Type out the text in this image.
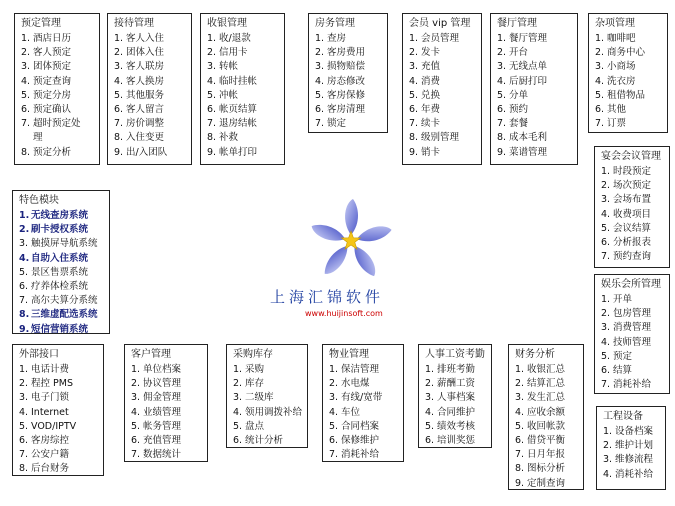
预定管理
1. 酒店日历
2. 客人预定
3. 团体预定
4. 预定查询
5. 预定分房
6. 预定确认
7. 超时预定处理
8. 预定分析
接待管理
1. 客人入住
2. 团体入住
3. 客人联房
4. 客人换房
5. 其他服务
6. 客人留言
7. 房价调整
8. 入住变更
9. 出/入团队
收银管理
1. 收/退款
2. 信用卡
3. 转帐
4. 临时挂帐
5. 冲帐
6. 帐页结算
7. 退房结帐
8. 补救
9. 帐单打印
房务管理
1. 查房
2. 客房费用
3. 损物赔偿
4. 房态修改
5. 客房保修
6. 客房清理
7. 锁定
会员 vip 管理
1. 会员管理
2. 发卡
3. 充值
4. 消费
5. 兑换
6. 年费
7. 续卡
8. 级别管理
9. 销卡
餐厅管理
1. 餐厅管理
2. 开台
3. 无线点单
4. 后厨打印
5. 分单
6. 预约
7. 套餐
8. 成本毛利
9. 菜谱管理
杂项管理
1. 咖啡吧
2. 商务中心
3. 小商场
4. 洗衣房
5. 租借物品
6. 其他
7. 订票
宴会会议管理
1. 时段预定
2. 场次预定
3. 会场布置
4. 收费项目
5. 会议结算
6. 分析报表
7. 预约查询
娱乐会所管理
1. 开单
2. 包房管理
3. 消费管理
4. 技师管理
5. 预定
6. 结算
7. 消耗补给
工程设备
1. 设备档案
2. 维护计划
3. 维修流程
4. 消耗补给
特色模块
1. 无线查房系统
2. 刷卡授权系统
3. 触摸屏导航系统
4. 自助入住系统
5. 景区售票系统
6. 疗养体检系统
7. 高尔夫算分系统
8. 三维虚配选系统
9. 短信营销系统
上海汇锦软件
www.huijinsoft.com
外部接口
1. 电话计费
2. 程控 PMS
3. 电子门锁
4. Internet
5. VOD/IPTV
6. 客房综控
7. 公安户籍
8. 后台财务
客户管理
1. 单位档案
2. 协议管理
3. 佣金管理
4. 业绩管理
5. 帐务管理
6. 充值管理
7. 数据统计
采购库存
1. 采购
2. 库存
3. 二级库
4. 领用调拨补给
5. 盘点
6. 统计分析
物业管理
1. 保洁管理
2. 水电煤
3. 有线/宽带
4. 车位
5. 合同档案
6. 保修维护
7. 消耗补给
人事工资考勤
1. 排班考勤
2. 薪酬工资
3. 人事档案
4. 合同维护
5. 绩效考核
6. 培训奖惩
财务分析
1. 收银汇总
2. 结算汇总
3. 发生汇总
4. 应收余额
5. 收回帐款
6. 借贷平衡
7. 日月年报
8. 图标分析
9. 定制查询
